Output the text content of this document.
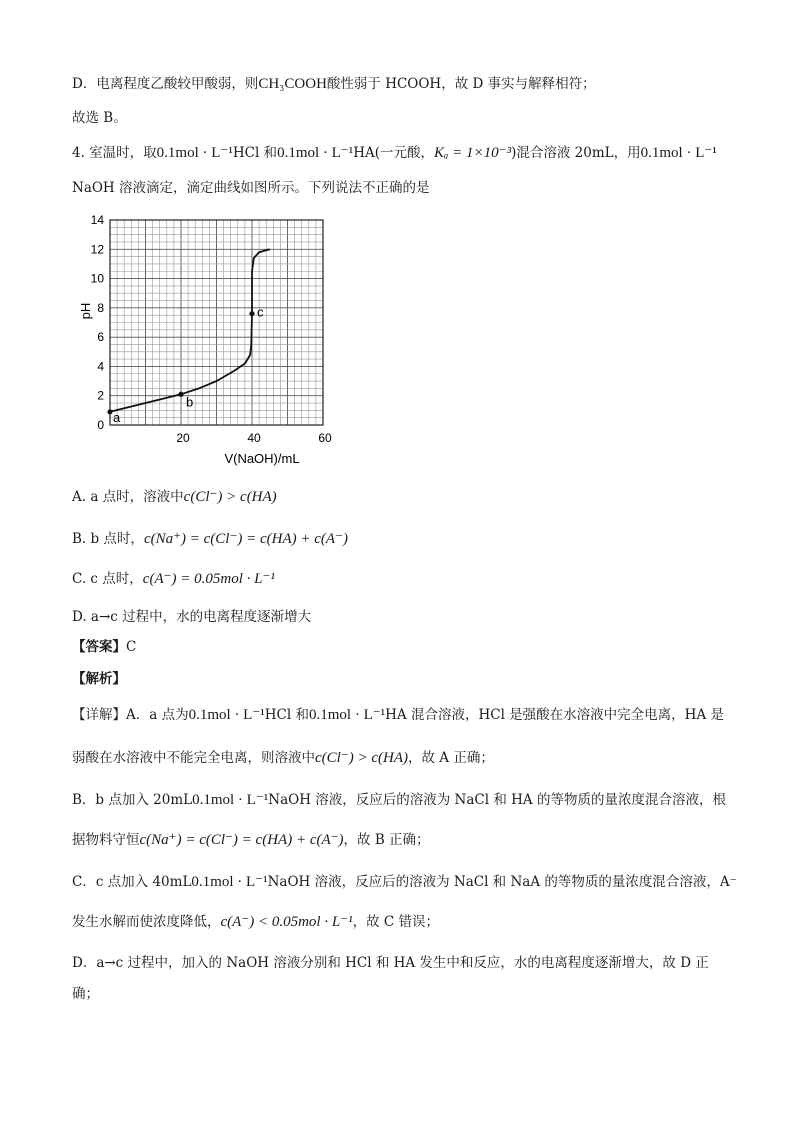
D．电离程度乙酸较甲酸弱，则CH₃COOH酸性弱于 HCOOH，故 D 事实与解释相符；
故选 B。
4. 室温时，取0.1mol · L⁻¹HCl 和0.1mol · L⁻¹HA(一元酸，Kₐ = 1×10⁻³)混合溶液 20mL，用0.1mol · L⁻¹
NaOH 溶液滴定，滴定曲线如图所示。下列说法不正确的是
0
2
4
6
8
10
12
14
20	40	60
a
b
c
pH
V(NaOH)/mL
A. a 点时，溶液中c(Cl⁻) > c(HA)
B. b 点时，c(Na⁺) = c(Cl⁻) = c(HA) + c(A⁻)
C. c 点时，c(A⁻) = 0.05mol · L⁻¹
D. a→c 过程中，水的电离程度逐渐增大
【答案】C
【解析】
【详解】A．a 点为0.1mol · L⁻¹HCl 和0.1mol · L⁻¹HA 混合溶液，HCl 是强酸在水溶液中完全电离，HA 是
弱酸在水溶液中不能完全电离，则溶液中c(Cl⁻) > c(HA)，故 A 正确；
B．b 点加入 20mL0.1mol · L⁻¹NaOH 溶液，反应后的溶液为 NaCl 和 HA 的等物质的量浓度混合溶液，根
据物料守恒c(Na⁺) = c(Cl⁻) = c(HA) + c(A⁻)，故 B 正确；
C．c 点加入 40mL0.1mol · L⁻¹NaOH 溶液，反应后的溶液为 NaCl 和 NaA 的等物质的量浓度混合溶液，A⁻
发生水解而使浓度降低，c(A⁻) < 0.05mol · L⁻¹，故 C 错误；
D．a→c 过程中，加入的 NaOH 溶液分别和 HCl 和 HA 发生中和反应，水的电离程度逐渐增大，故 D 正
确；
